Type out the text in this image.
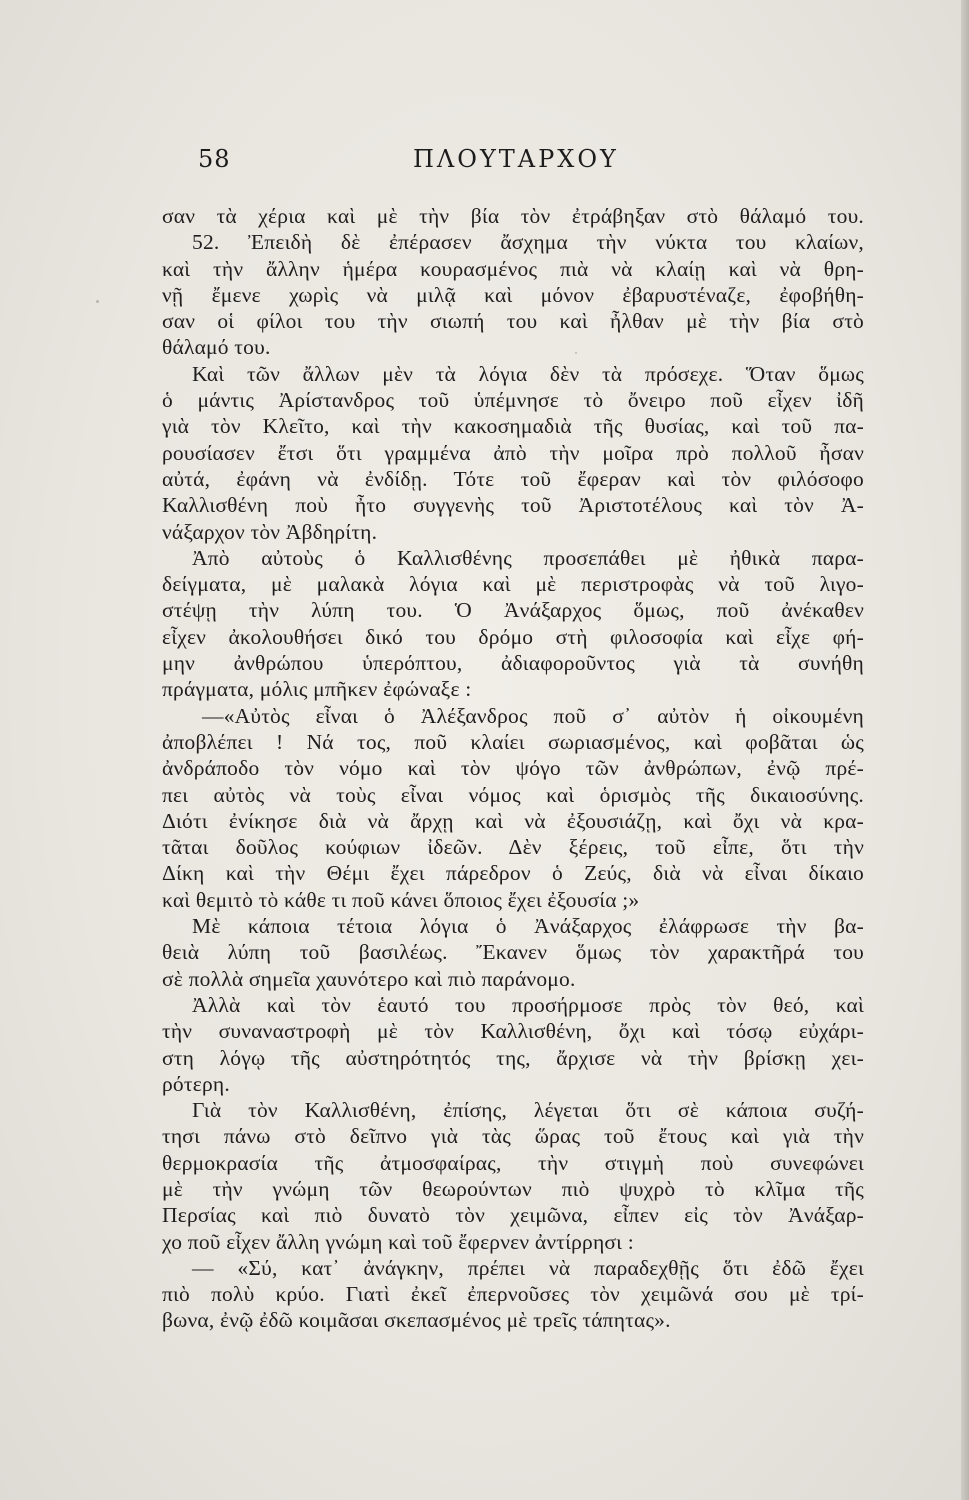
58	ΠΛΟΥΤΑΡΧΟΥ
σαν τὰ χέρια καὶ μὲ τὴν βία τὸν ἐτράβηξαν στὸ θάλαμό του.
52. Ἐπειδὴ δὲ ἐπέρασεν ἄσχημα τὴν νύκτα του κλαίων,
καὶ τὴν ἄλλην ἡμέρα κουρασμένος πιὰ νὰ κλαίῃ καὶ νὰ θρη-
νῇ ἔμενε χωρὶς νὰ μιλᾷ καὶ μόνον ἐβαρυστέναζε, ἐφοβήθη-
σαν οἱ φίλοι του τὴν σιωπή του καὶ ἦλθαν μὲ τὴν βία στὸ
θάλαμό του.
Καὶ τῶν ἄλλων μὲν τὰ λόγια δὲν τὰ πρόσεχε. Ὅταν ὅμως
ὁ μάντις Ἀρίστανδρος τοῦ ὑπέμνησε τὸ ὄνειρο ποῦ εἶχεν ἰδῆ
γιὰ τὸν Κλεῖτο, καὶ τὴν κακοσημαδιὰ τῆς θυσίας, καὶ τοῦ πα-
ρουσίασεν ἔτσι ὅτι γραμμένα ἀπὸ τὴν μοῖρα πρὸ πολλοῦ ἦσαν
αὐτά, ἐφάνη νὰ ἐνδίδῃ. Τότε τοῦ ἔφεραν καὶ τὸν φιλόσοφο
Καλλισθένη ποὺ ἦτο συγγενὴς τοῦ Ἀριστοτέλους καὶ τὸν Ἀ-
νάξαρχον τὸν Ἀβδηρίτη.
Ἀπὸ αὐτοὺς ὁ Καλλισθένης προσεπάθει μὲ ἠθικὰ παρα-
δείγματα, μὲ μαλακὰ λόγια καὶ μὲ περιστροφὰς νὰ τοῦ λιγο-
στέψῃ τὴν λύπη του. Ὁ Ἀνάξαρχος ὅμως, ποῦ ἀνέκαθεν
εἶχεν ἀκολουθήσει δικό του δρόμο στὴ φιλοσοφία καὶ εἶχε φή-
μην ἀνθρώπου ὑπερόπτου, ἀδιαφοροῦντος γιὰ τὰ συνήθη
πράγματα, μόλις μπῆκεν ἐφώναξε :
—«Αὐτὸς εἶναι ὁ Ἀλέξανδρος ποῦ σ᾽ αὐτὸν ἡ οἰκουμένη
ἀποβλέπει ! Νά τος, ποῦ κλαίει σωριασμένος, καὶ φοβᾶται ὡς
ἀνδράποδο τὸν νόμο καὶ τὸν ψόγο τῶν ἀνθρώπων, ἐνῷ πρέ-
πει αὐτὸς νὰ τοὺς εἶναι νόμος καὶ ὁρισμὸς τῆς δικαιοσύνης.
Διότι ἐνίκησε διὰ νὰ ἄρχῃ καὶ νὰ ἐξουσιάζῃ, καὶ ὄχι νὰ κρα-
τᾶται δοῦλος κούφιων ἰδεῶν. Δὲν ξέρεις, τοῦ εἶπε, ὅτι τὴν
Δίκη καὶ τὴν Θέμι ἔχει πάρεδρον ὁ Ζεύς, διὰ νὰ εἶναι δίκαιο
καὶ θεμιτὸ τὸ κάθε τι ποῦ κάνει ὅποιος ἔχει ἐξουσία ;»
Μὲ κάποια τέτοια λόγια ὁ Ἀνάξαρχος ἐλάφρωσε τὴν βα-
θειὰ λύπη τοῦ βασιλέως. Ἔκανεν ὅμως τὸν χαρακτῆρά του
σὲ πολλὰ σημεῖα χαυνότερο καὶ πιὸ παράνομο.
Ἀλλὰ καὶ τὸν ἑαυτό του προσήρμοσε πρὸς τὸν θεό, καὶ
τὴν συναναστροφὴ μὲ τὸν Καλλισθένη, ὄχι καὶ τόσῳ εὐχάρι-
στη λόγῳ τῆς αὐστηρότητός της, ἄρχισε νὰ τὴν βρίσκῃ χει-
ρότερη.
Γιὰ τὸν Καλλισθένη, ἐπίσης, λέγεται ὅτι σὲ κάποια συζή-
τησι πάνω στὸ δεῖπνο γιὰ τὰς ὥρας τοῦ ἔτους καὶ γιὰ τὴν
θερμοκρασία τῆς ἀτμοσφαίρας, τὴν στιγμὴ ποὺ συνεφώνει
μὲ τὴν γνώμη τῶν θεωρούντων πιὸ ψυχρὸ τὸ κλῖμα τῆς
Περσίας καὶ πιὸ δυνατὸ τὸν χειμῶνα, εἶπεν εἰς τὸν Ἀνάξαρ-
χο ποῦ εἶχεν ἄλλη γνώμη καὶ τοῦ ἔφερνεν ἀντίρρησι :
— «Σύ, κατ᾽ ἀνάγκην, πρέπει νὰ παραδεχθῇς ὅτι ἐδῶ ἔχει
πιὸ πολὺ κρύο. Γιατὶ ἐκεῖ ἐπερνοῦσες τὸν χειμῶνά σου μὲ τρί-
βωνα, ἐνῷ ἐδῶ κοιμᾶσαι σκεπασμένος μὲ τρεῖς τάπητας».
